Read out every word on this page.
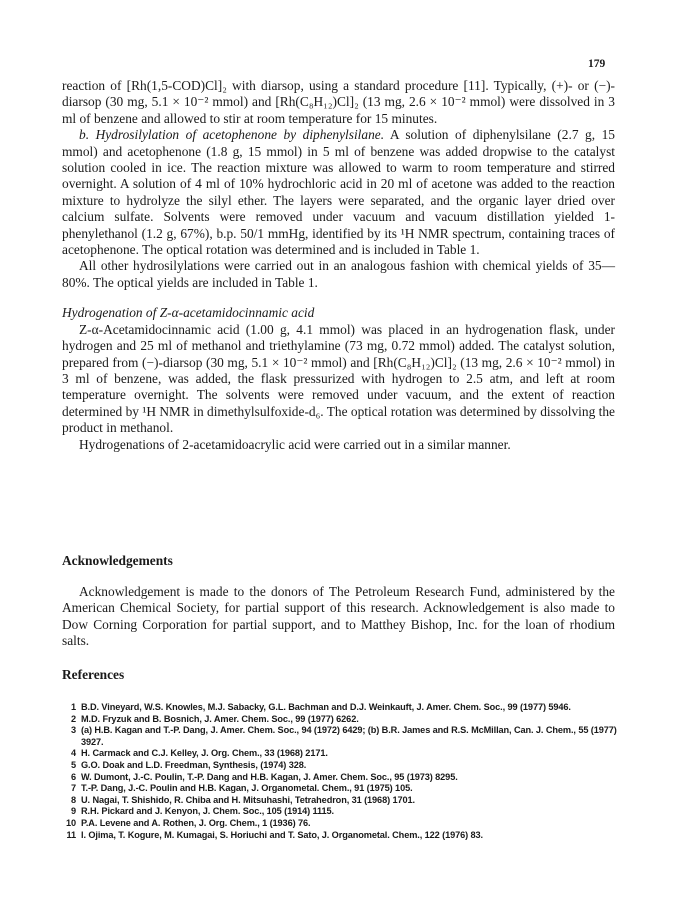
179

reaction of [Rh(1,5-COD)Cl]₂ with diarsop, using a standard procedure [11]. Typically, (+)- or (−)-diarsop (30 mg, 5.1 × 10⁻² mmol) and [Rh(C₈H₁₂)Cl]₂ (13 mg, 2.6 × 10⁻² mmol) were dissolved in 3 ml of benzene and allowed to stir at room temperature for 15 minutes.

b. Hydrosilylation of acetophenone by diphenylsilane. A solution of diphenylsilane (2.7 g, 15 mmol) and acetophenone (1.8 g, 15 mmol) in 5 ml of benzene was added dropwise to the catalyst solution cooled in ice. The reaction mixture was allowed to warm to room temperature and stirred overnight. A solution of 4 ml of 10% hydrochloric acid in 20 ml of acetone was added to the reaction mixture to hydrolyze the silyl ether. The layers were separated, and the organic layer dried over calcium sulfate. Solvents were removed under vacuum and vacuum distillation yielded 1-phenylethanol (1.2 g, 67%), b.p. 50/1 mmHg, identified by its ¹H NMR spectrum, containing traces of acetophenone. The optical rotation was determined and is included in Table 1.

All other hydrosilylations were carried out in an analogous fashion with chemical yields of 35—80%. The optical yields are included in Table 1.

Hydrogenation of Z-α-acetamidocinnamic acid

Z-α-Acetamidocinnamic acid (1.00 g, 4.1 mmol) was placed in an hydrogenation flask, under hydrogen and 25 ml of methanol and triethylamine (73 mg, 0.72 mmol) added. The catalyst solution, prepared from (−)-diarsop (30 mg, 5.1 × 10⁻² mmol) and [Rh(C₈H₁₂)Cl]₂ (13 mg, 2.6 × 10⁻² mmol) in 3 ml of benzene, was added, the flask pressurized with hydrogen to 2.5 atm, and left at room temperature overnight. The solvents were removed under vacuum, and the extent of reaction determined by ¹H NMR in dimethylsulfoxide-d₆. The optical rotation was determined by dissolving the product in methanol.

Hydrogenations of 2-acetamidoacrylic acid were carried out in a similar manner.

Acknowledgements

Acknowledgement is made to the donors of The Petroleum Research Fund, administered by the American Chemical Society, for partial support of this research. Acknowledgement is also made to Dow Corning Corporation for partial support, and to Matthey Bishop, Inc. for the loan of rhodium salts.

References
1 B.D. Vineyard, W.S. Knowles, M.J. Sabacky, G.L. Bachman and D.J. Weinkauft, J. Amer. Chem. Soc., 99 (1977) 5946.
2 M.D. Fryzuk and B. Bosnich, J. Amer. Chem. Soc., 99 (1977) 6262.
3 (a) H.B. Kagan and T.-P. Dang, J. Amer. Chem. Soc., 94 (1972) 6429; (b) B.R. James and R.S. McMillan, Can. J. Chem., 55 (1977) 3927.
4 H. Carmack and C.J. Kelley, J. Org. Chem., 33 (1968) 2171.
5 G.O. Doak and L.D. Freedman, Synthesis, (1974) 328.
6 W. Dumont, J.-C. Poulin, T.-P. Dang and H.B. Kagan, J. Amer. Chem. Soc., 95 (1973) 8295.
7 T.-P. Dang, J.-C. Poulin and H.B. Kagan, J. Organometal. Chem., 91 (1975) 105.
8 U. Nagai, T. Shishido, R. Chiba and H. Mitsuhashi, Tetrahedron, 31 (1968) 1701.
9 R.H. Pickard and J. Kenyon, J. Chem. Soc., 105 (1914) 1115.
10 P.A. Levene and A. Rothen, J. Org. Chem., 1 (1936) 76.
11 I. Ojima, T. Kogure, M. Kumagai, S. Horiuchi and T. Sato, J. Organometal. Chem., 122 (1976) 83.
